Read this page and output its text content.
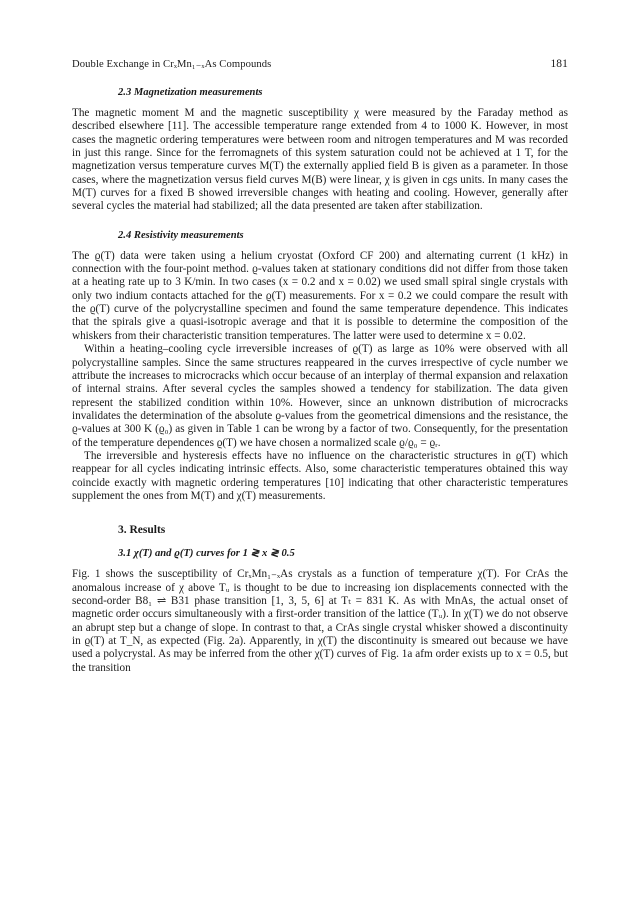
Double Exchange in CrₓMn₁₋ₓAs Compounds	181
2.3 Magnetization measurements

The magnetic moment M and the magnetic susceptibility χ were measured by the Faraday method as described elsewhere [11]. The accessible temperature range extended from 4 to 1000 K. However, in most cases the magnetic ordering temperatures were between room and nitrogen temperatures and M was recorded in just this range. Since for the ferromagnets of this system saturation could not be achieved at 1 T, for the magnetization versus temperature curves M(T) the externally applied field B is given as a parameter. In those cases, where the magnetization versus field curves M(B) were linear, χ is given in cgs units. In many cases the M(T) curves for a fixed B showed irreversible changes with heating and cooling. However, generally after several cycles the material had stabilized; all the data presented are taken after stabilization.

2.4 Resistivity measurements

The ϱ(T) data were taken using a helium cryostat (Oxford CF 200) and alternating current (1 kHz) in connection with the four-point method. ϱ-values taken at stationary conditions did not differ from those taken at a heating rate up to 3 K/min. In two cases (x = 0.2 and x = 0.02) we used small spiral single crystals with only two indium contacts attached for the ϱ(T) measurements. For x = 0.2 we could compare the result with the ϱ(T) curve of the polycrystalline specimen and found the same temperature dependence. This indicates that the spirals give a quasi-isotropic average and that it is possible to determine the composition of the whiskers from their characteristic transition temperatures. The latter were used to determine x = 0.02.

Within a heating–cooling cycle irreversible increases of ϱ(T) as large as 10% were observed with all polycrystalline samples. Since the same structures reappeared in the curves irrespective of cycle number we attribute the increases to microcracks which occur because of an interplay of thermal expansion and relaxation of internal strains. After several cycles the samples showed a tendency for stabilization. The data given represent the stabilized condition within 10%. However, since an unknown distribution of microcracks invalidates the determination of the absolute ϱ-values from the geometrical dimensions and the resistance, the ϱ-values at 300 K (ϱ₀) as given in Table 1 can be wrong by a factor of two. Consequently, for the presentation of the temperature dependences ϱ(T) we have chosen a normalized scale ϱ/ϱ₀ = ϱᵣ.

The irreversible and hysteresis effects have no influence on the characteristic structures in ϱ(T) which reappear for all cycles indicating intrinsic effects. Also, some characteristic temperatures obtained this way coincide exactly with magnetic ordering temperatures [10] indicating that other characteristic temperatures supplement the ones from M(T) and χ(T) measurements.

3. Results
3.1 χ(T) and ϱ(T) curves for 1 ≷ x ≷ 0.5

Fig. 1 shows the susceptibility of CrₓMn₁₋ₓAs crystals as a function of temperature χ(T). For CrAs the anomalous increase of χ above Tᵤ is thought to be due to increasing ion displacements connected with the second-order B8₁ ⇌ B31 phase transition [1, 3, 5, 6] at Tₜ = 831 K. As with MnAs, the actual onset of magnetic order occurs simultaneously with a first-order transition of the lattice (Tᵤ). In χ(T) we do not observe an abrupt step but a change of slope. In contrast to that, a CrAs single crystal whisker showed a discontinuity in ϱ(T) at T_N, as expected (Fig. 2a). Apparently, in χ(T) the discontinuity is smeared out because we have used a polycrystal. As may be inferred from the other χ(T) curves of Fig. 1a afm order exists up to x = 0.5, but the transition
